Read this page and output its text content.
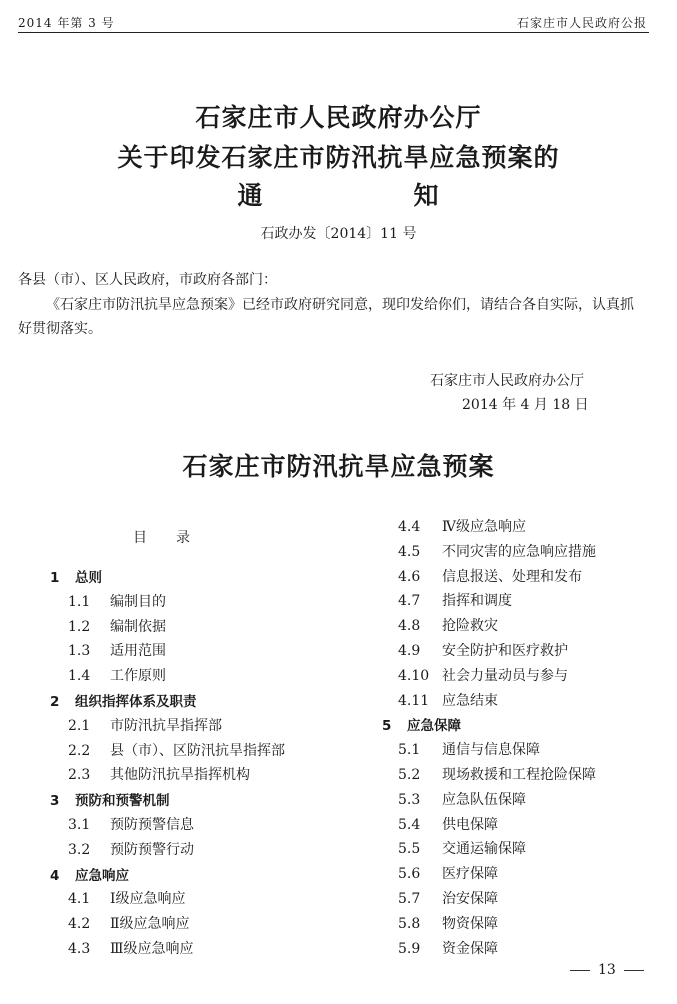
2014 年第 3 号	石家庄市人民政府公报
石家庄市人民政府办公厅
关于印发石家庄市防汛抗旱应急预案的
通	知
石政办发〔2014〕11 号
各县（市）、区人民政府，市政府各部门：
《石家庄市防汛抗旱应急预案》已经市政府研究同意，现印发给你们，请结合各自实际，认真抓好贯彻落实。
石家庄市人民政府办公厅
2014 年 4 月 18 日
石家庄市防汛抗旱应急预案
目 录
1 总则
1.1 编制目的
1.2 编制依据
1.3 适用范围
1.4 工作原则
2 组织指挥体系及职责
2.1 市防汛抗旱指挥部
2.2 县（市）、区防汛抗旱指挥部
2.3 其他防汛抗旱指挥机构
3 预防和预警机制
3.1 预防预警信息
3.2 预防预警行动
4 应急响应
4.1 Ⅰ级应急响应
4.2 Ⅱ级应急响应
4.3 Ⅲ级应急响应
4.4 Ⅳ级应急响应
4.5 不同灾害的应急响应措施
4.6 信息报送、处理和发布
4.7 指挥和调度
4.8 抢险救灾
4.9 安全防护和医疗救护
4.10 社会力量动员与参与
4.11 应急结束
5 应急保障
5.1 通信与信息保障
5.2 现场救援和工程抢险保障
5.3 应急队伍保障
5.4 供电保障
5.5 交通运输保障
5.6 医疗保障
5.7 治安保障
5.8 物资保障
5.9 资金保障
13
